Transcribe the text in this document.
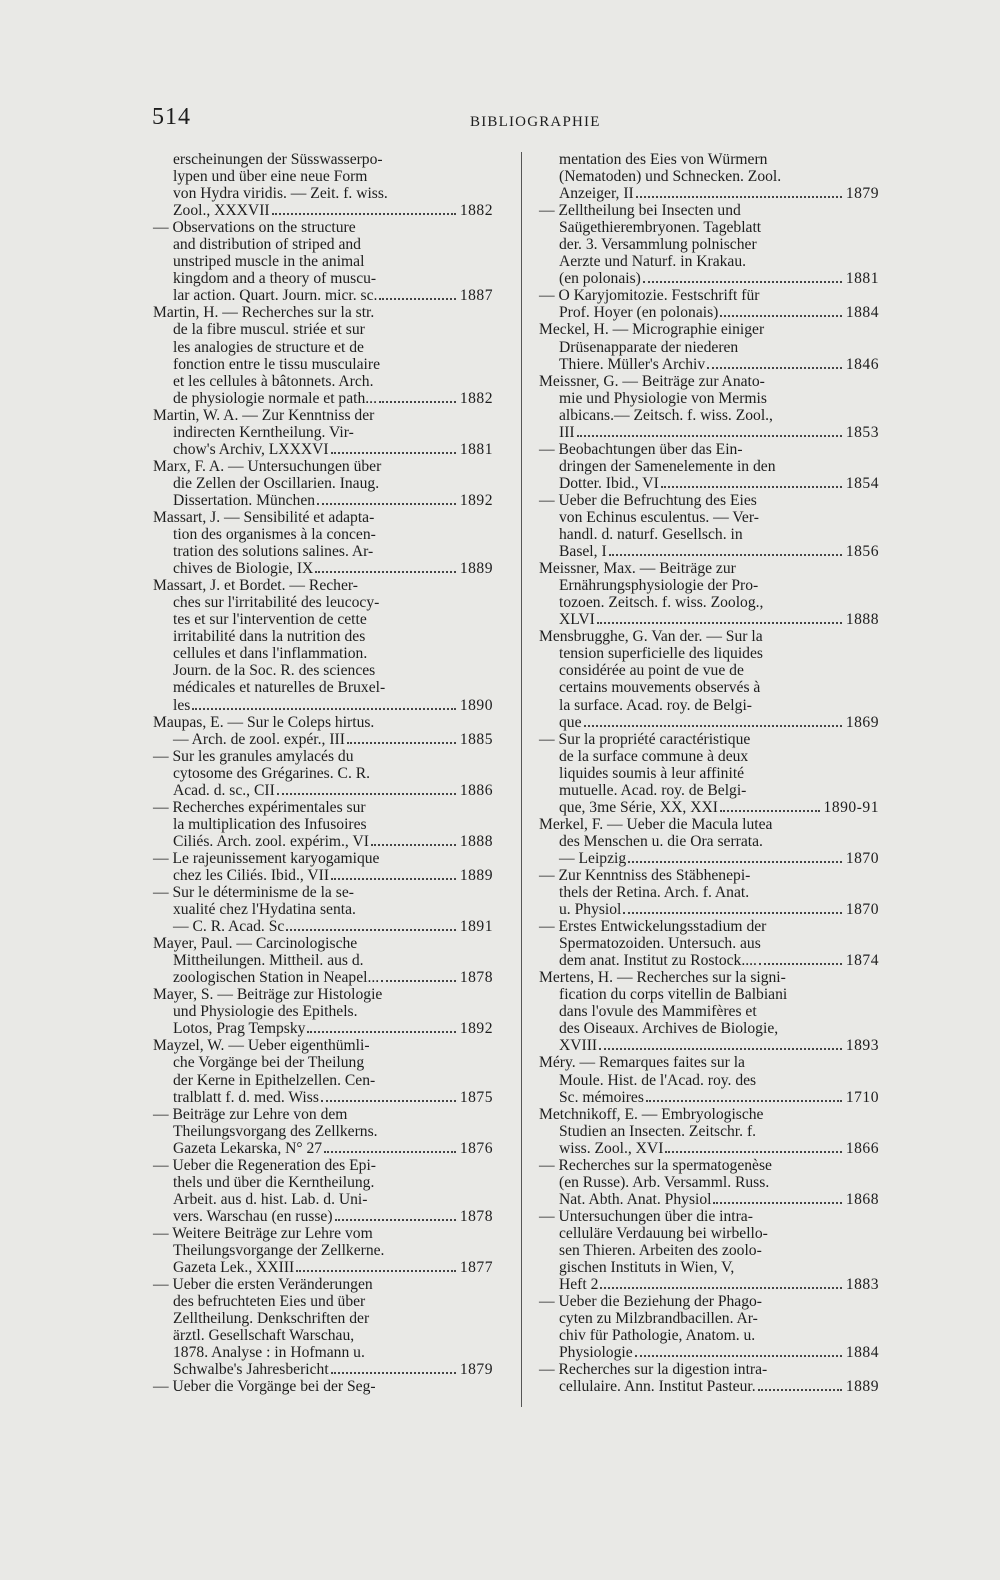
514	BIBLIOGRAPHIE
erscheinungen der Süsswasserpo-
lypen und über eine neue Form
von Hydra viridis. — Zeit. f. wiss.
Zool., XXXVII	1882
— Observations on the structure
and distribution of striped and
unstriped muscle in the animal
kingdom and a theory of muscu-
lar action. Quart. Journ. micr. sc.	1887
Martin, H. — Recherches sur la str.
de la fibre muscul. striée et sur
les analogies de structure et de
fonction entre le tissu musculaire
et les cellules à bâtonnets. Arch.
de physiologie normale et path...	1882
Martin, W. A. — Zur Kenntniss der
indirecten Kerntheilung. Vir-
chow's Archiv, LXXXVI	1881
Marx, F. A. — Untersuchungen über
die Zellen der Oscillarien. Inaug.
Dissertation. München	1892
Massart, J. — Sensibilité et adapta-
tion des organismes à la concen-
tration des solutions salines. Ar-
chives de Biologie, IX	1889
Massart, J. et Bordet. — Recher-
ches sur l'irritabilité des leucocy-
tes et sur l'intervention de cette
irritabilité dans la nutrition des
cellules et dans l'inflammation.
Journ. de la Soc. R. des sciences
médicales et naturelles de Bruxel-
les	1890
Maupas, E. — Sur le Coleps hirtus.
— Arch. de zool. expér., III	1885
— Sur les granules amylacés du
cytosome des Grégarines. C. R.
Acad. d. sc., CII	1886
— Recherches expérimentales sur
la multiplication des Infusoires
Ciliés. Arch. zool. expérim., VI	1888
— Le rajeunissement karyogamique
chez les Ciliés. Ibid., VII	1889
— Sur le déterminisme de la se-
xualité chez l'Hydatina senta.
— C. R. Acad. Sc	1891
Mayer, Paul. — Carcinologische
Mittheilungen. Mittheil. aus d.
zoologischen Station in Neapel...	1878
Mayer, S. — Beiträge zur Histologie
und Physiologie des Epithels.
Lotos, Prag Tempsky	1892
Mayzel, W. — Ueber eigenthümli-
che Vorgänge bei der Theilung
der Kerne in Epithelzellen. Cen-
tralblatt f. d. med. Wiss	1875
— Beiträge zur Lehre von dem
Theilungsvorgang des Zellkerns.
Gazeta Lekarska, N° 27	1876
— Ueber die Regeneration des Epi-
thels und über die Kerntheilung.
Arbeit. aus d. hist. Lab. d. Uni-
vers. Warschau (en russe)	1878
— Weitere Beiträge zur Lehre vom
Theilungsvorgange der Zellkerne.
Gazeta Lek., XXIII	1877
— Ueber die ersten Veränderungen
des befruchteten Eies und über
Zelltheilung. Denkschriften der
ärztl. Gesellschaft Warschau,
1878. Analyse : in Hofmann u.
Schwalbe's Jahresbericht	1879
— Ueber die Vorgänge bei der Seg-
mentation des Eies von Würmern
(Nematoden) und Schnecken. Zool.
Anzeiger, II	1879
— Zelltheilung bei Insecten und
Saügethierembryonen. Tageblatt
der. 3. Versammlung polnischer
Aerzte und Naturf. in Krakau.
(en polonais)	1881
— O Karyjomitozie. Festschrift für
Prof. Hoyer (en polonais)	1884
Meckel, H. — Micrographie einiger
Drüsenapparate der niederen
Thiere. Müller's Archiv	1846
Meissner, G. — Beiträge zur Anato-
mie und Physiologie von Mermis
albicans.— Zeitsch. f. wiss. Zool.,
III	1853
— Beobachtungen über das Ein-
dringen der Samenelemente in den
Dotter. Ibid., VI	1854
— Ueber die Befruchtung des Eies
von Echinus esculentus. — Ver-
handl. d. naturf. Gesellsch. in
Basel, I	1856
Meissner, Max. — Beiträge zur
Ernährungsphysiologie der Pro-
tozoen. Zeitsch. f. wiss. Zoolog.,
XLVI	1888
Mensbrugghe, G. Van der. — Sur la
tension superficielle des liquides
considérée au point de vue de
certains mouvements observés à
la surface. Acad. roy. de Belgi-
que	1869
— Sur la propriété caractéristique
de la surface commune à deux
liquides soumis à leur affinité
mutuelle. Acad. roy. de Belgi-
que, 3me Série, XX, XXI	1890-91
Merkel, F. — Ueber die Macula lutea
des Menschen u. die Ora serrata.
— Leipzig	1870
— Zur Kenntniss des Stäbhenepi-
thels der Retina. Arch. f. Anat.
u. Physiol	1870
— Erstes Entwickelungsstadium der
Spermatozoiden. Untersuch. aus
dem anat. Institut zu Rostock....	1874
Mertens, H. — Recherches sur la signi-
fication du corps vitellin de Balbiani
dans l'ovule des Mammifères et
des Oiseaux. Archives de Biologie,
XVIII	1893
Méry. — Remarques faites sur la
Moule. Hist. de l'Acad. roy. des
Sc. mémoires	1710
Metchnikoff, E. — Embryologische
Studien an Insecten. Zeitschr. f.
wiss. Zool., XVI	1866
— Recherches sur la spermatogenèse
(en Russe). Arb. Versamml. Russ.
Nat. Abth. Anat. Physiol	1868
— Untersuchungen über die intra-
celluläre Verdauung bei wirbello-
sen Thieren. Arbeiten des zoolo-
gischen Instituts in Wien, V,
Heft 2	1883
— Ueber die Beziehung der Phago-
cyten zu Milzbrandbacillen. Ar-
chiv für Pathologie, Anatom. u.
Physiologie	1884
— Recherches sur la digestion intra-
cellulaire. Ann. Institut Pasteur.	1889
